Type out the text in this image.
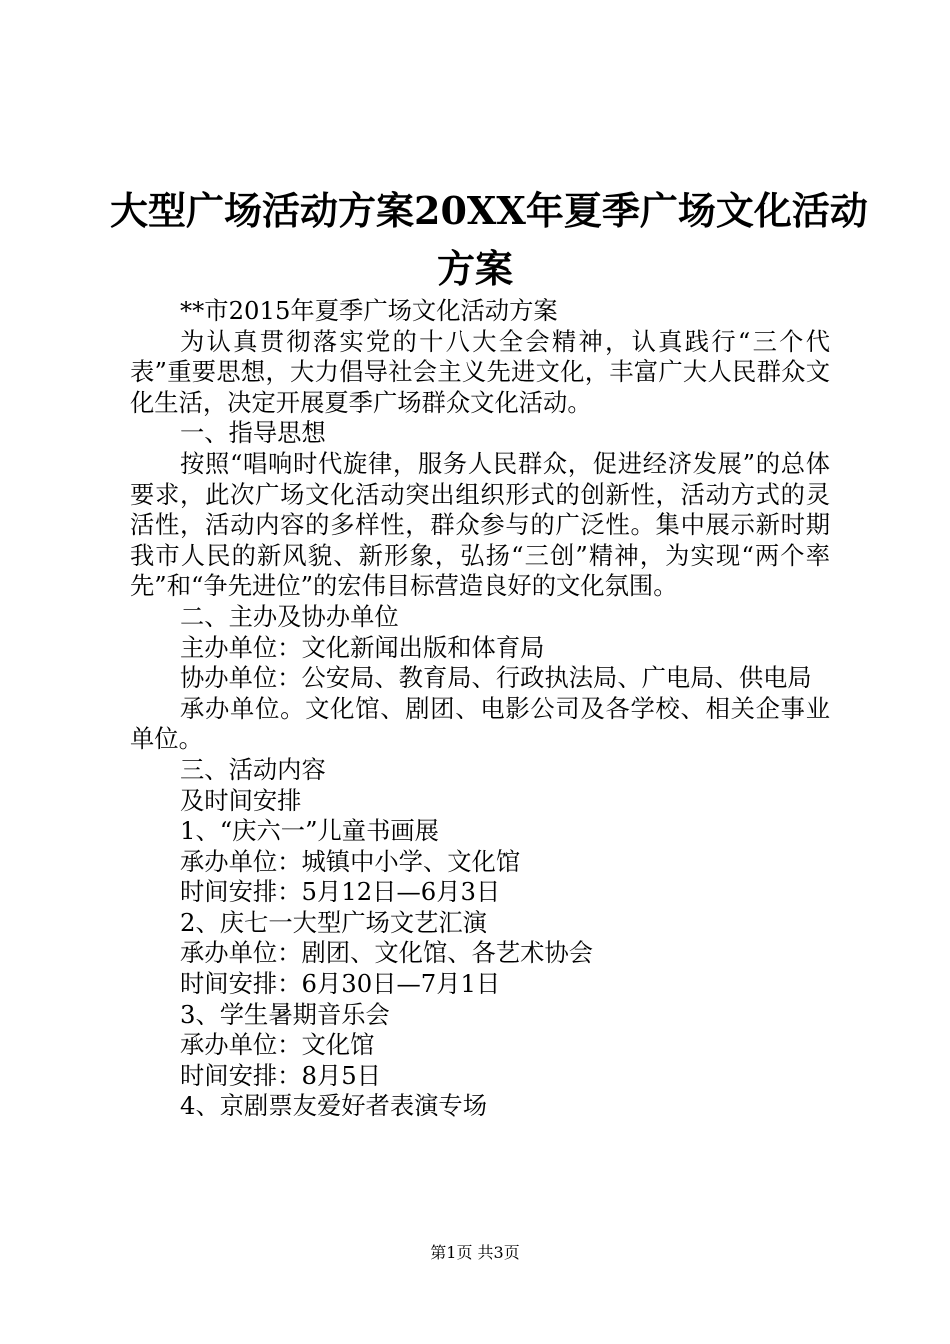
大型广场活动方案20XX年夏季广场文化活动
方案

**市2015年夏季广场文化活动方案

为认真贯彻落实党的十八大全会精神，认真践行“三个代表”重要思想，大力倡导社会主义先进文化，丰富广大人民群众文化生活，决定开展夏季广场群众文化活动。

一、指导思想

按照“唱响时代旋律，服务人民群众，促进经济发展”的总体要求，此次广场文化活动突出组织形式的创新性，活动方式的灵活性，活动内容的多样性，群众参与的广泛性。集中展示新时期我市人民的新风貌、新形象，弘扬“三创”精神，为实现“两个率先”和“争先进位”的宏伟目标营造良好的文化氛围。

二、主办及协办单位

主办单位：文化新闻出版和体育局

协办单位：公安局、教育局、行政执法局、广电局、供电局

承办单位。文化馆、剧团、电影公司及各学校、相关企事业单位。

三、活动内容

及时间安排

1、“庆六一”儿童书画展

承办单位：城镇中小学、文化馆

时间安排：5月12日—6月3日

2、庆七一大型广场文艺汇演

承办单位：剧团、文化馆、各艺术协会

时间安排：6月30日—7月1日

3、学生暑期音乐会

承办单位：文化馆

时间安排：8月5日

4、京剧票友爱好者表演专场

第1页 共3页
